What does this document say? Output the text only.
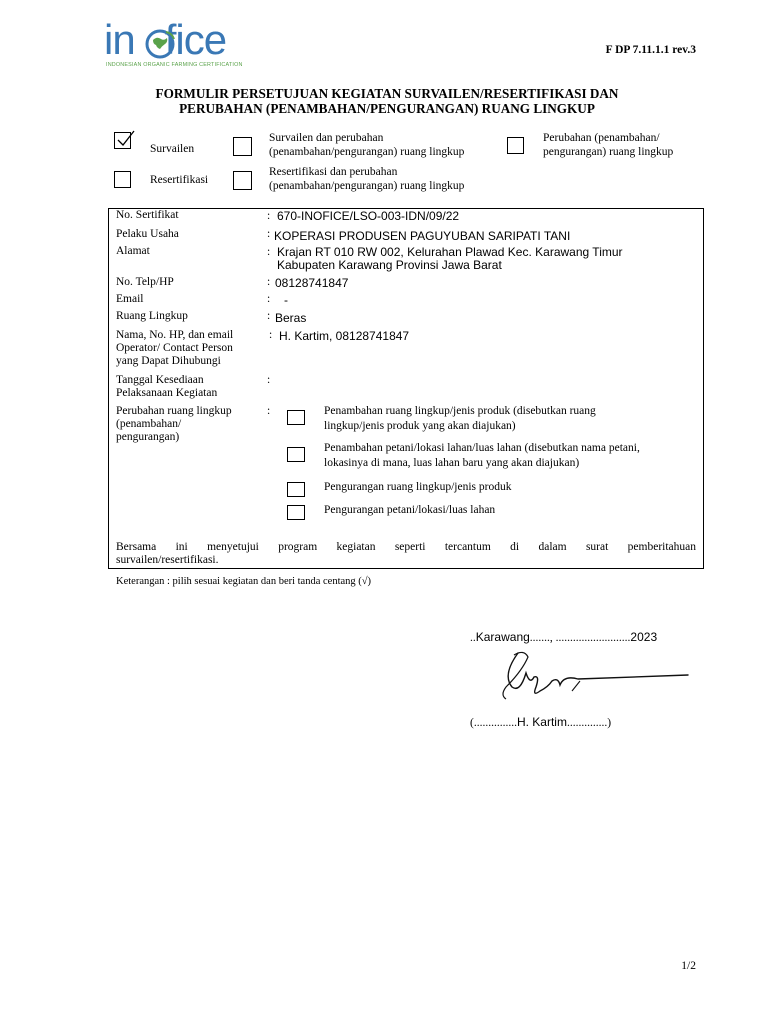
in fice
INDONESIAN ORGANIC FARMING CERTIFICATION
F DP 7.11.1.1 rev.3
FORMULIR PERSETUJUAN KEGIATAN SURVAILEN/RESERTIFIKASI DAN
PERUBAHAN (PENAMBAHAN/PENGURANGAN) RUANG LINGKUP
Survailen
Survailen dan perubahan
(penambahan/pengurangan) ruang lingkup
Perubahan (penambahan/
pengurangan) ruang lingkup
Resertifikasi
Resertifikasi dan perubahan
(penambahan/pengurangan) ruang lingkup
No. Sertifikat	: 670-INOFICE/LSO-003-IDN/09/22
Pelaku Usaha	: KOPERASI PRODUSEN PAGUYUBAN SARIPATI TANI
Alamat	: Krajan RT 010 RW 002, Kelurahan Plawad Kec. Karawang Timur
Kabupaten Karawang Provinsi Jawa Barat
No. Telp/HP	: 08128741847
Email	: -
Ruang Lingkup	: Beras
Nama, No. HP, dan email
Operator/ Contact Person
yang Dapat Dihubungi
: H. Kartim, 08128741847
Tanggal Kesediaan
Pelaksanaan Kegiatan
:
Perubahan ruang lingkup
(penambahan/
pengurangan)
:	Penambahan ruang lingkup/jenis produk (disebutkan ruang
lingkup/jenis produk yang akan diajukan)
Penambahan petani/lokasi lahan/luas lahan (disebutkan nama petani,
lokasinya di mana, luas lahan baru yang akan diajukan)
Pengurangan ruang lingkup/jenis produk
Pengurangan petani/lokasi/luas lahan
Bersama ini menyetujui program kegiatan seperti tercantum di dalam surat pemberitahuan
survailen/resertifikasi.
Keterangan : pilih sesuai kegiatan dan beri tanda centang (√)
..Karawang......., ..........................2023
(...............H. Kartim..............)
1/2
